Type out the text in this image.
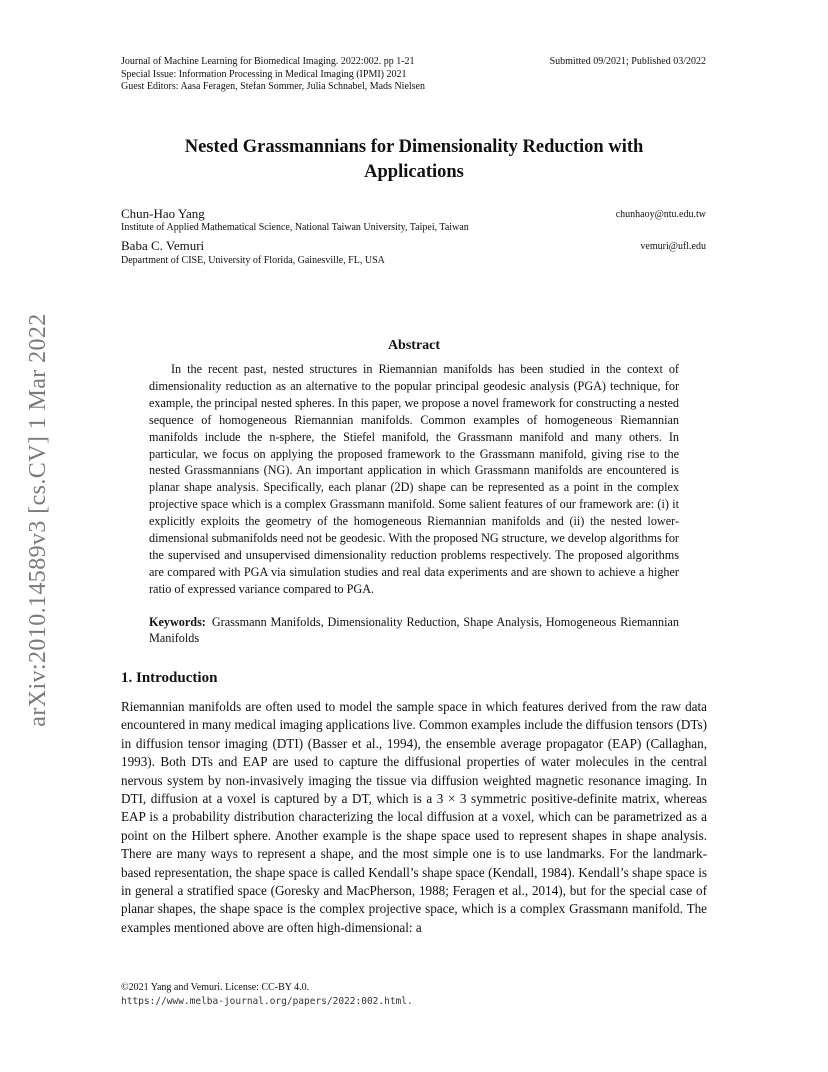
Journal of Machine Learning for Biomedical Imaging. 2022:002. pp 1-21
Special Issue: Information Processing in Medical Imaging (IPMI) 2021
Guest Editors: Aasa Feragen, Stefan Sommer, Julia Schnabel, Mads Nielsen
Submitted 09/2021; Published 03/2022
arXiv:2010.14589v3 [cs.CV] 1 Mar 2022
Nested Grassmannians for Dimensionality Reduction with
Applications
Chun-Hao Yang	chunhaoy@ntu.edu.tw
Institute of Applied Mathematical Science, National Taiwan University, Taipei, Taiwan
Baba C. Vemuri	vemuri@ufl.edu
Department of CISE, University of Florida, Gainesville, FL, USA
Abstract

In the recent past, nested structures in Riemannian manifolds has been studied in the context of dimensionality reduction as an alternative to the popular principal geodesic analysis (PGA) technique, for example, the principal nested spheres. In this paper, we propose a novel framework for constructing a nested sequence of homogeneous Riemannian manifolds. Common examples of homogeneous Riemannian manifolds include the n-sphere, the Stiefel manifold, the Grassmann manifold and many others. In particular, we focus on applying the proposed framework to the Grassmann manifold, giving rise to the nested Grassmannians (NG). An important application in which Grassmann manifolds are encountered is planar shape analysis. Specifically, each planar (2D) shape can be represented as a point in the complex projective space which is a complex Grassmann manifold. Some salient features of our framework are: (i) it explicitly exploits the geometry of the homogeneous Riemannian manifolds and (ii) the nested lower-dimensional submanifolds need not be geodesic. With the proposed NG structure, we develop algorithms for the supervised and unsupervised dimensionality reduction problems respectively. The proposed algorithms are compared with PGA via simulation studies and real data experiments and are shown to achieve a higher ratio of expressed variance compared to PGA.

Keywords: Grassmann Manifolds, Dimensionality Reduction, Shape Analysis, Homogeneous Riemannian Manifolds

1. Introduction

Riemannian manifolds are often used to model the sample space in which features derived from the raw data encountered in many medical imaging applications live. Common examples include the diffusion tensors (DTs) in diffusion tensor imaging (DTI) (Basser et al., 1994), the ensemble average propagator (EAP) (Callaghan, 1993). Both DTs and EAP are used to capture the diffusional properties of water molecules in the central nervous system by non-invasively imaging the tissue via diffusion weighted magnetic resonance imaging. In DTI, diffusion at a voxel is captured by a DT, which is a 3 × 3 symmetric positive-definite matrix, whereas EAP is a probability distribution characterizing the local diffusion at a voxel, which can be parametrized as a point on the Hilbert sphere. Another example is the shape space used to represent shapes in shape analysis. There are many ways to represent a shape, and the most simple one is to use landmarks. For the landmark-based representation, the shape space is called Kendall’s shape space (Kendall, 1984). Kendall’s shape space is in general a stratified space (Goresky and MacPherson, 1988; Feragen et al., 2014), but for the special case of planar shapes, the shape space is the complex projective space, which is a complex Grassmann manifold. The examples mentioned above are often high-dimensional: a

©2021 Yang and Vemuri. License: CC-BY 4.0.
https://www.melba-journal.org/papers/2022:002.html.
